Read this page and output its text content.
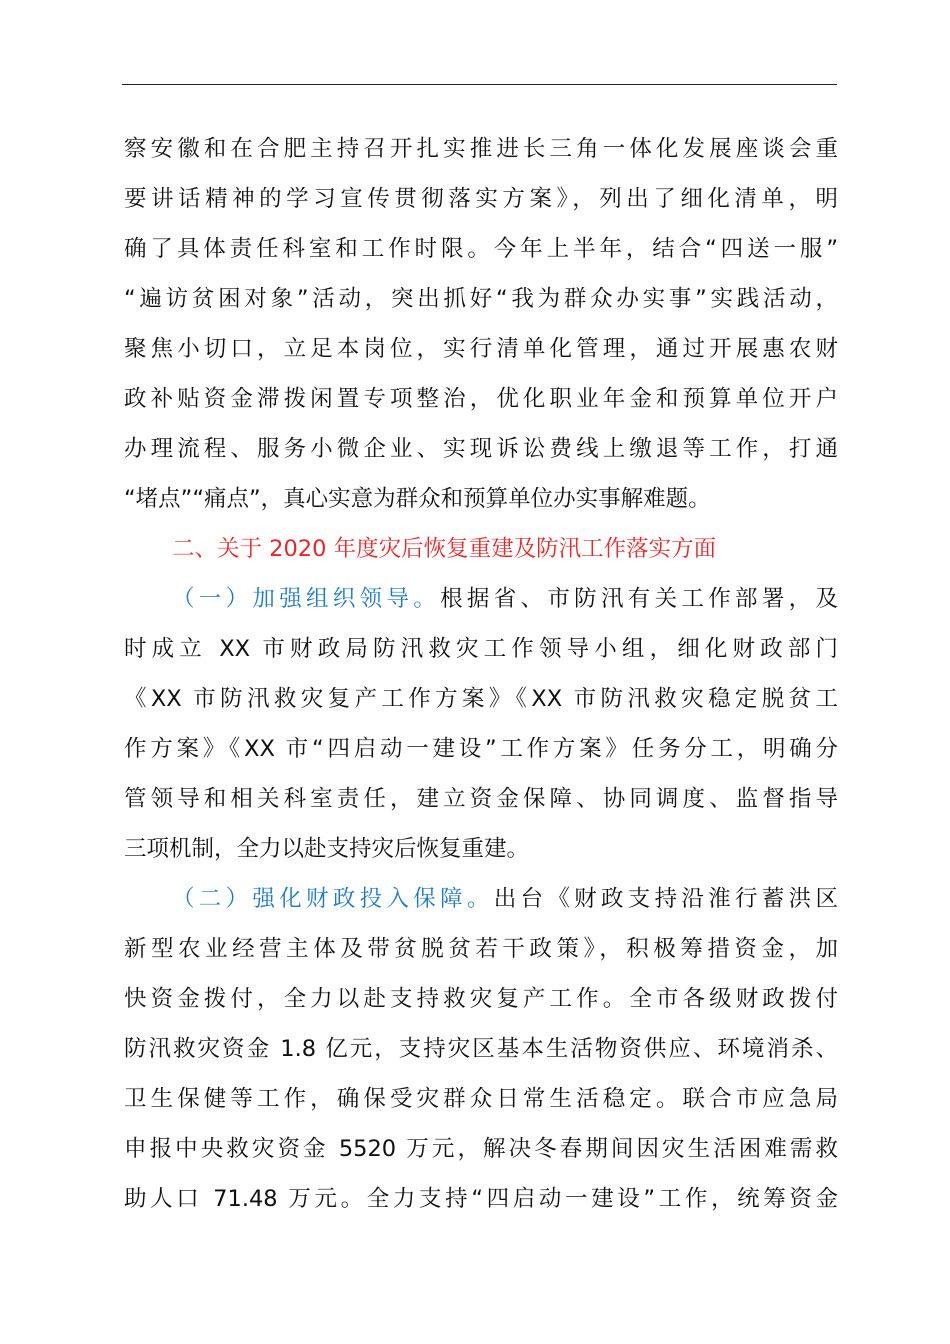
察安徽和在合肥主持召开扎实推进长三角一体化发展座谈会重
要讲话精神的学习宣传贯彻落实方案》，列出了细化清单，明
确了具体责任科室和工作时限。今年上半年，结合“四送一服”
“遍访贫困对象”活动，突出抓好“我为群众办实事”实践活动，
聚焦小切口，立足本岗位，实行清单化管理，通过开展惠农财
政补贴资金滞拨闲置专项整治，优化职业年金和预算单位开户
办理流程、服务小微企业、实现诉讼费线上缴退等工作，打通
“堵点”“痛点”，真心实意为群众和预算单位办实事解难题。
二、关于 2020 年度灾后恢复重建及防汛工作落实方面
（一）加强组织领导。根据省、市防汛有关工作部署，及
时成立 XX 市财政局防汛救灾工作领导小组，细化财政部门
《XX 市防汛救灾复产工作方案》《XX 市防汛救灾稳定脱贫工
作方案》《XX 市“四启动一建设”工作方案》任务分工，明确分
管领导和相关科室责任，建立资金保障、协同调度、监督指导
三项机制，全力以赴支持灾后恢复重建。
（二）强化财政投入保障。出台《财政支持沿淮行蓄洪区
新型农业经营主体及带贫脱贫若干政策》，积极筹措资金，加
快资金拨付，全力以赴支持救灾复产工作。全市各级财政拨付
防汛救灾资金 1.8 亿元，支持灾区基本生活物资供应、环境消杀、
卫生保健等工作，确保受灾群众日常生活稳定。联合市应急局
申报中央救灾资金 5520 万元，解决冬春期间因灾生活困难需救
助人口 71.48 万元。全力支持“四启动一建设”工作，统筹资金
